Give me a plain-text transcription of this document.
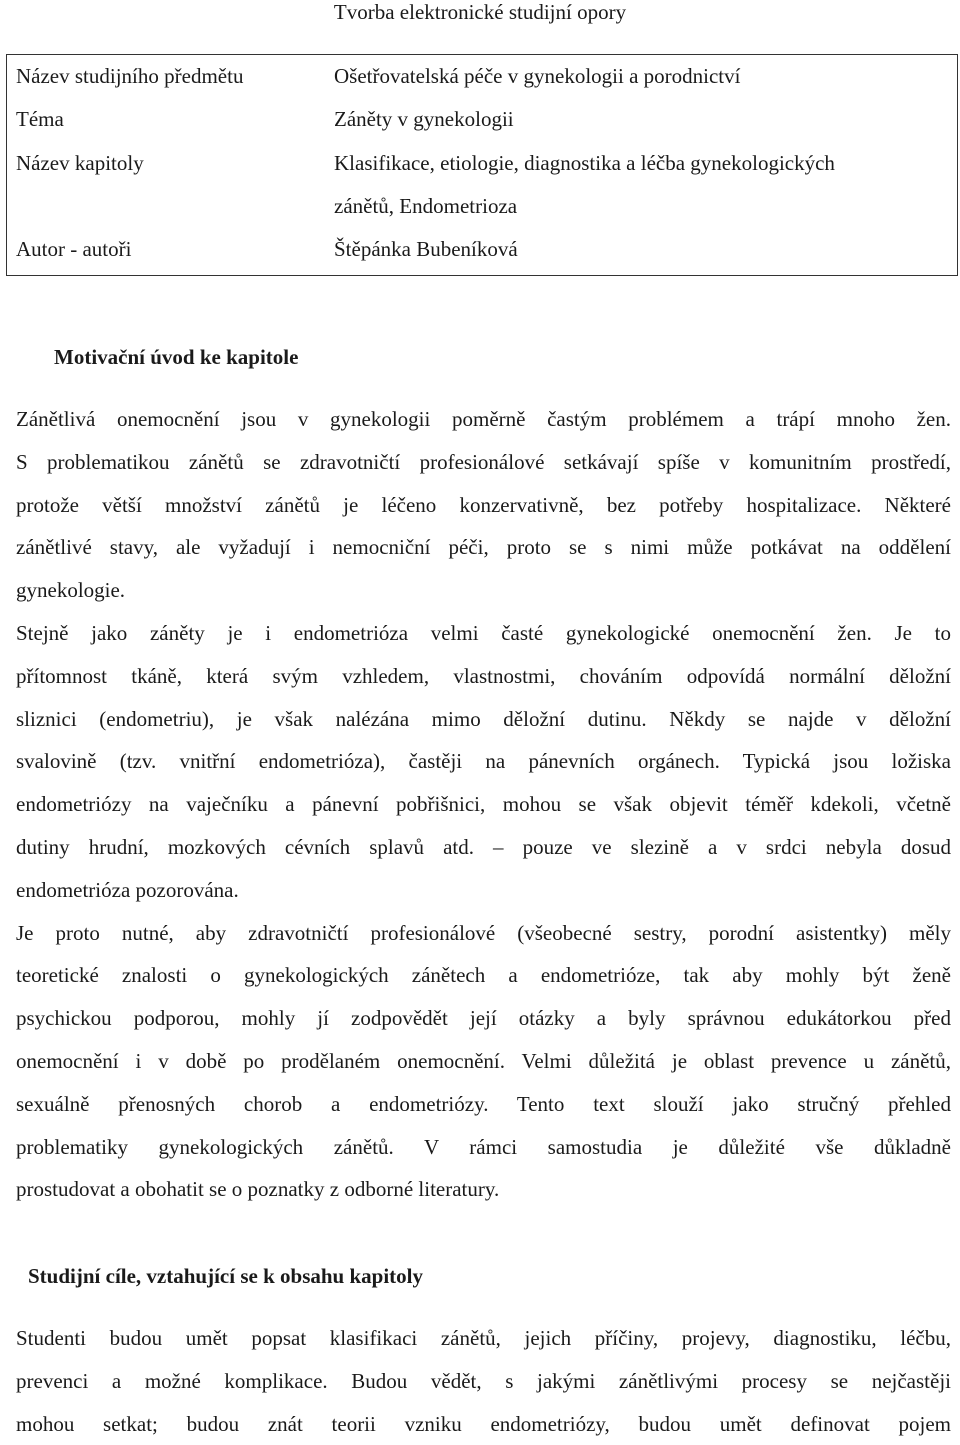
Tvorba elektronické studijní opory
Název studijního předmětu	Ošetřovatelská péče v gynekologii a porodnictví
Téma	Záněty v gynekologii
Název kapitoly	Klasifikace, etiologie, diagnostika a léčba gynekologických
zánětů, Endometrioza
Autor - autoři	Štěpánka Bubeníková
Motivační úvod ke kapitole
Zánětlivá onemocnění jsou v gynekologii poměrně častým problémem a trápí mnoho žen.
S problematikou zánětů se zdravotničtí profesionálové setkávají spíše v komunitním prostředí,
protože větší množství zánětů je léčeno konzervativně, bez potřeby hospitalizace. Některé
zánětlivé stavy, ale vyžadují i nemocniční péči, proto se s nimi může potkávat na oddělení
gynekologie.
Stejně jako záněty je i endometrióza velmi časté gynekologické onemocnění žen. Je to
přítomnost tkáně, která svým vzhledem, vlastnostmi, chováním odpovídá normální děložní
sliznici (endometriu), je však nalézána mimo děložní dutinu. Někdy se najde v děložní
svalovině (tzv. vnitřní endometrióza), častěji na pánevních orgánech. Typická jsou ložiska
endometriózy na vaječníku a pánevní pobřišnici, mohou se však objevit téměř kdekoli, včetně
dutiny hrudní, mozkových cévních splavů atd. – pouze ve slezině a v srdci nebyla dosud
endometrióza pozorována.
Je proto nutné, aby zdravotničtí profesionálové (všeobecné sestry, porodní asistentky) měly
teoretické znalosti o gynekologických zánětech a endometrióze, tak aby mohly být ženě
psychickou podporou, mohly jí zodpovědět její otázky a byly správnou edukátorkou před
onemocnění i v době po prodělaném onemocnění. Velmi důležitá je oblast prevence u zánětů,
sexuálně přenosných chorob a endometriózy. Tento text slouží jako stručný přehled
problematiky gynekologických zánětů. V rámci samostudia je důležité vše důkladně
prostudovat a obohatit se o poznatky z odborné literatury.
Studijní cíle, vztahující se k obsahu kapitoly
Studenti budou umět popsat klasifikaci zánětů, jejich příčiny, projevy, diagnostiku, léčbu,
prevenci a možné komplikace. Budou vědět, s jakými zánětlivými procesy se nejčastěji
mohou setkat; budou znát teorii vzniku endometriózy, budou umět definovat pojem
